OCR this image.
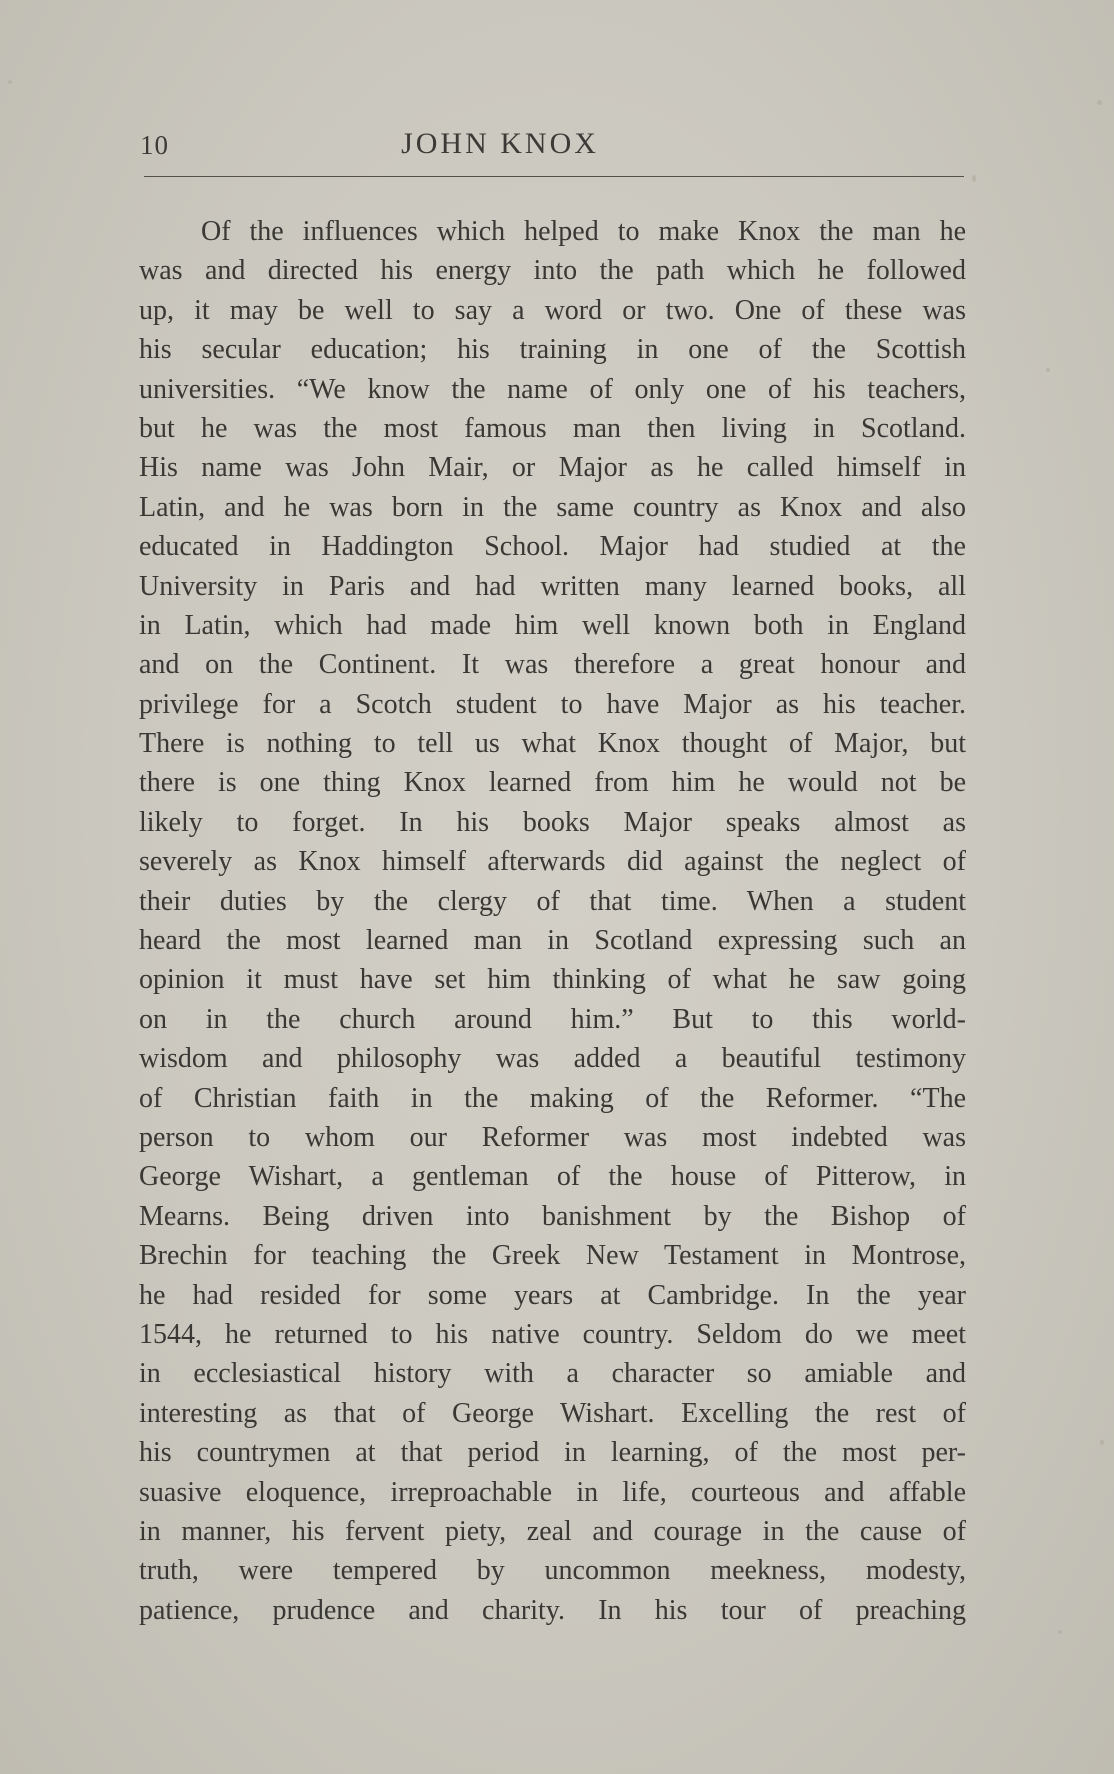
10	JOHN KNOX
Of the influences which helped to make Knox the man he
was and directed his energy into the path which he followed
up, it may be well to say a word or two. One of these was
his secular education; his training in one of the Scottish
universities. “We know the name of only one of his teachers,
but he was the most famous man then living in Scotland.
His name was John Mair, or Major as he called himself in
Latin, and he was born in the same country as Knox and also
educated in Haddington School. Major had studied at the
University in Paris and had written many learned books, all
in Latin, which had made him well known both in England
and on the Continent. It was therefore a great honour and
privilege for a Scotch student to have Major as his teacher.
There is nothing to tell us what Knox thought of Major, but
there is one thing Knox learned from him he would not be
likely to forget. In his books Major speaks almost as
severely as Knox himself afterwards did against the neglect of
their duties by the clergy of that time. When a student
heard the most learned man in Scotland expressing such an
opinion it must have set him thinking of what he saw going
on in the church around him.” But to this world-
wisdom and philosophy was added a beautiful testimony
of Christian faith in the making of the Reformer. “The
person to whom our Reformer was most indebted was
George Wishart, a gentleman of the house of Pitterow, in
Mearns. Being driven into banishment by the Bishop of
Brechin for teaching the Greek New Testament in Montrose,
he had resided for some years at Cambridge. In the year
1544, he returned to his native country. Seldom do we meet
in ecclesiastical history with a character so amiable and
interesting as that of George Wishart. Excelling the rest of
his countrymen at that period in learning, of the most per-
suasive eloquence, irreproachable in life, courteous and affable
in manner, his fervent piety, zeal and courage in the cause of
truth, were tempered by uncommon meekness, modesty,
patience, prudence and charity. In his tour of preaching
